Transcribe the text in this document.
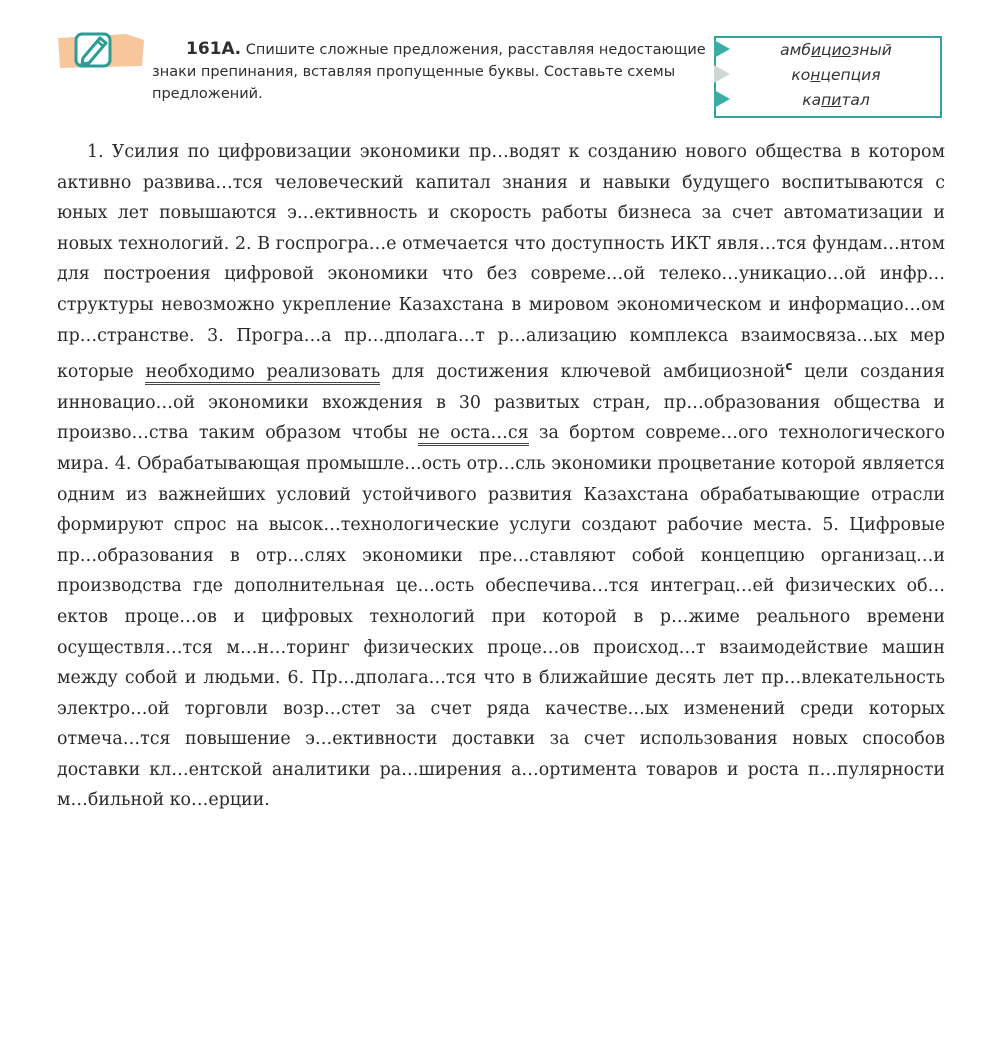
161А. Спишите сложные предложения, расставляя недостающие знаки препинания, вставляя пропущенные буквы. Составьте схемы предложений.
амбициозный
концепция
капитал
1. Усилия по цифровизации экономики пр…водят к созданию нового общества в котором активно развива…тся человеческий капитал знания и навыки будущего воспитываются с юных лет повышаются э…ективность и скорость работы бизнеса за счет автоматизации и новых технологий. 2. В госпрогра…е отмечается что доступность ИКТ явля…тся фундам…нтом для построения цифровой экономики что без совреме…ой телеко…уникацио…ой инфр…структуры невозможно укрепление Казахстана в мировом экономическом и информацио…ом пр…странстве. 3. Програ…а пр…дполага…т р…ализацию комплекса взаимосвяза…ых мер которые необходимо реализовать для достижения ключевой амбициозной$^с$ цели создания инновацио…ой экономики вхождения в 30 развитых стран, пр…образования общества и произво…ства таким образом чтобы не оста…ся за бортом совреме…ого технологического мира. 4. Обрабатывающая промышле…ость отр…сль экономики процветание которой является одним из важнейших условий устойчивого развития Казахстана обрабатывающие отрасли формируют спрос на высок…технологические услуги создают рабочие места. 5. Цифровые пр…образования в отр…слях экономики пре…ставляют собой концепцию организац…и производства где дополнительная це…ость обеспечива…тся интеграц…ей физических об…ектов проце…ов и цифровых технологий при которой в р…жиме реального времени осуществля…тся м…н…торинг физических проце…ов происход…т взаимодействие машин между собой и людьми. 6. Пр…дполага…тся что в ближайшие десять лет пр…влекательность электро…ой торговли возр…стет за счет ряда качестве…ых изменений среди которых отмеча…тся повышение э…ективности доставки за счет использования новых способов доставки кл…ентской аналитики ра…ширения а…ортимента товаров и роста п…пулярности м…бильной ко…ерции.
